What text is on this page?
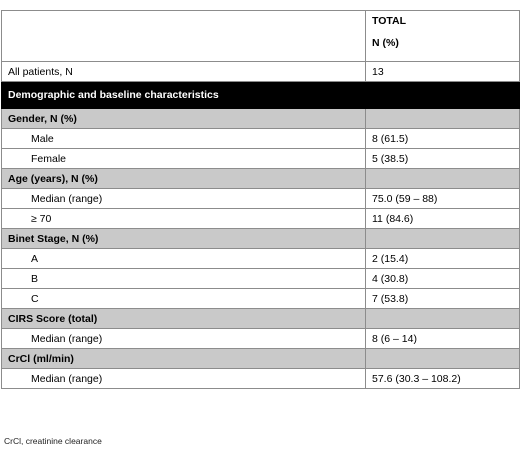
	TOTAL
N (%)

All patients, N	13
Demographic and baseline characteristics	
Gender, N (%)	
Male	8 (61.5)
Female	5 (38.5)
Age (years), N (%)	
Median (range)	75.0 (59 – 88)
≥ 70	11 (84.6)
Binet Stage, N (%)	
A	2 (15.4)
B	4 (30.8)
C	7 (53.8)
CIRS Score (total)	
Median (range)	8 (6 – 14)
CrCl (ml/min)	
Median (range)	57.6 (30.3 – 108.2)
CrCl, creatinine clearance
